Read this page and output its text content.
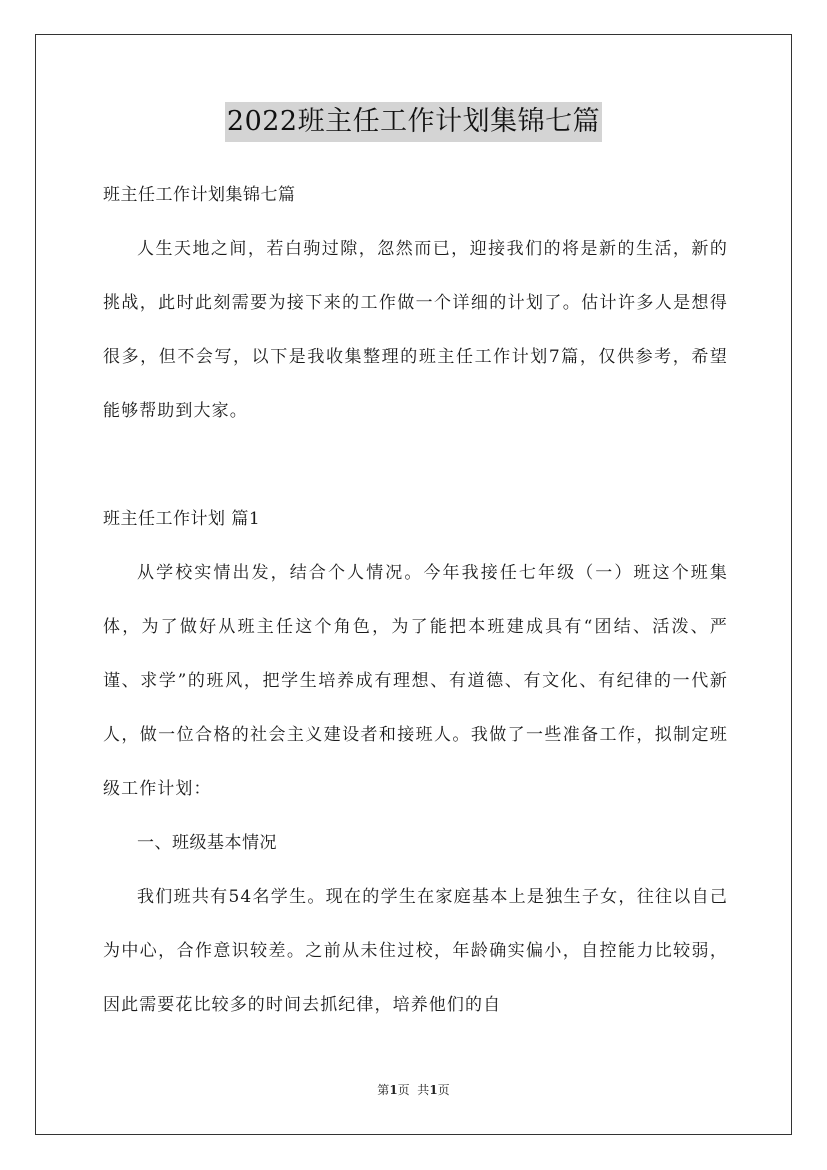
2022班主任工作计划集锦七篇
班主任工作计划集锦七篇

人生天地之间，若白驹过隙，忽然而已，迎接我们的将是新的生活，新的挑战，此时此刻需要为接下来的工作做一个详细的计划了。估计许多人是想得很多，但不会写，以下是我收集整理的班主任工作计划7篇，仅供参考，希望能够帮助到大家。

班主任工作计划 篇1

从学校实情出发，结合个人情况。今年我接任七年级（一）班这个班集体，为了做好从班主任这个角色，为了能把本班建成具有“团结、活泼、严谨、求学”的班风，把学生培养成有理想、有道德、有文化、有纪律的一代新人，做一位合格的社会主义建设者和接班人。我做了一些准备工作，拟制定班级工作计划：

一、班级基本情况

我们班共有54名学生。现在的学生在家庭基本上是独生子女，往往以自己为中心，合作意识较差。之前从未住过校，年龄确实偏小，自控能力比较弱，因此需要花比较多的时间去抓纪律，培养他们的自

第1页  共1页
